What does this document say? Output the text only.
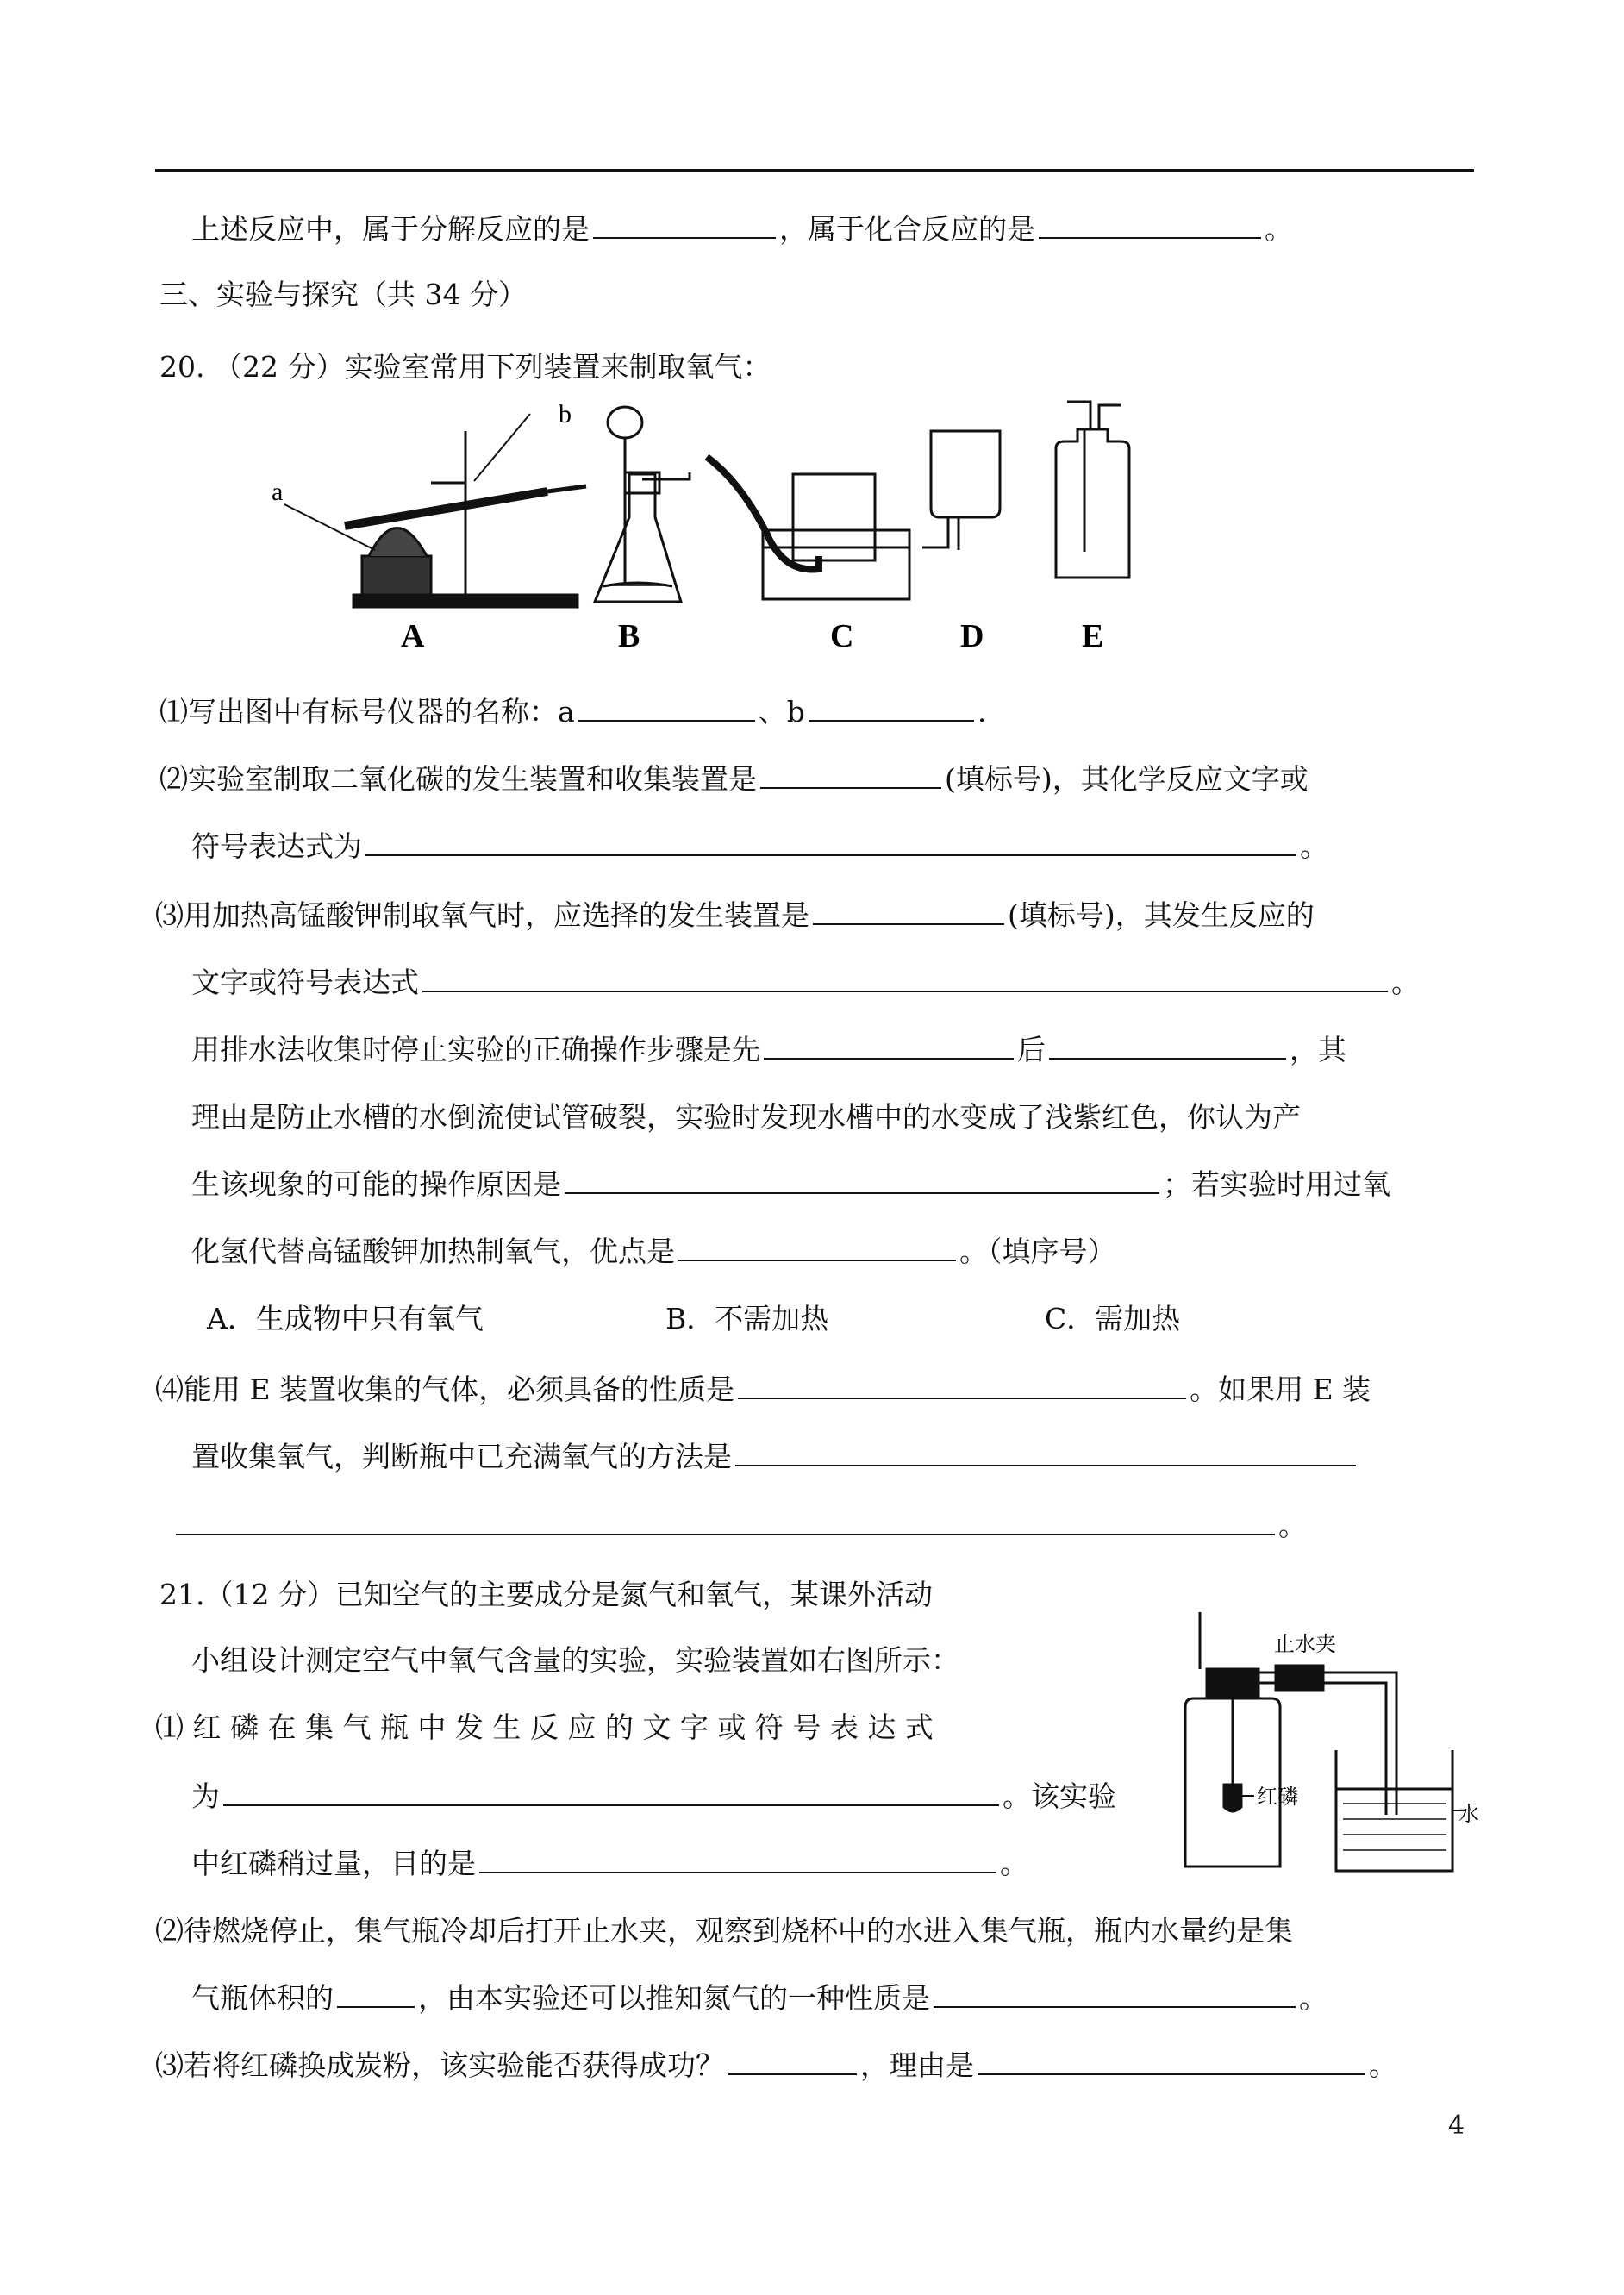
上述反应中，属于分解反应的是	，属于化合反应的是	。
三、实验与探究（共 34 分）
20. （22 分）实验室常用下列装置来制取氧气：
a
b
A	B	C	D	E
⑴写出图中有标号仪器的名称：a	、b	.
⑵实验室制取二氧化碳的发生装置和收集装置是	(填标号)，其化学反应文字或
符号表达式为	。
⑶用加热高锰酸钾制取氧气时，应选择的发生装置是	(填标号)，其发生反应的
文字或符号表达式	。
用排水法收集时停止实验的正确操作步骤是先	后	，其
理由是防止水槽的水倒流使试管破裂，实验时发现水槽中的水变成了浅紫红色，你认为产
生该现象的可能的操作原因是	；若实验时用过氧
化氢代替高锰酸钾加热制氧气，优点是	。（填序号）
A．生成物中只有氧气	B．不需加热	C．需加热
⑷能用 E 装置收集的气体，必须具备的性质是	。如果用 E 装
置收集氧气，判断瓶中已充满氧气的方法是
。
21.（12 分）已知空气的主要成分是氮气和氧气，某课外活动
小组设计测定空气中氧气含量的实验，实验装置如右图所示：
⑴ 红 磷 在 集 气 瓶 中 发 生 反 应 的 文 字 或 符 号 表 达 式
为	。该实验
中红磷稍过量，目的是	。
止水夹
红磷
水
⑵待燃烧停止，集气瓶冷却后打开止水夹，观察到烧杯中的水进入集气瓶，瓶内水量约是集
气瓶体积的	，由本实验还可以推知氮气的一种性质是	。
⑶若将红磷换成炭粉，该实验能否获得成功？	，理由是	。
4
